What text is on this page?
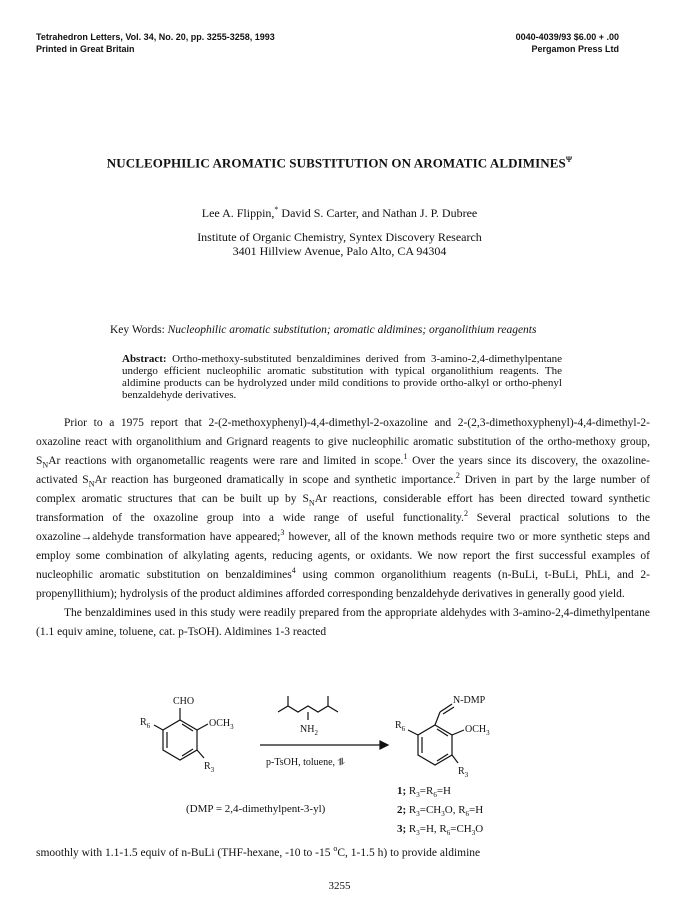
Tetrahedron Letters, Vol. 34, No. 20, pp. 3255-3258, 1993
Printed in Great Britain
0040-4039/93 $6.00 + .00
Pergamon Press Ltd
NUCLEOPHILIC AROMATIC SUBSTITUTION ON AROMATIC $ALDIMINES^\Psi$
Lee A. Flippin,* David S. Carter, and Nathan J. P. Dubree
Institute of Organic Chemistry, Syntex Discovery Research
3401 Hillview Avenue, Palo Alto, CA 94304
Key Words: Nucleophilic aromatic substitution; aromatic aldimines; organolithium reagents
Abstract: Ortho-methoxy-substituted benzaldimines derived from 3-amino-2,4-dimethylpentane undergo efficient nucleophilic aromatic substitution with typical organolithium reagents. The aldimine products can be hydrolyzed under mild conditions to provide ortho-alkyl or ortho-phenyl benzaldehyde derivatives.

Prior to a 1975 report that 2-(2-methoxyphenyl)-4,4-dimethyl-2-oxazoline and 2-(2,3-dimethoxyphenyl)-4,4-dimethyl-2-oxazoline react with organolithium and Grignard reagents to give nucleophilic aromatic substitution of the ortho-methoxy group, $S_NAr$ reactions with organometallic reagents were rare and limited in scope.$^1$ Over the years since its discovery, the oxazoline-activated $S_NAr$ reaction has burgeoned dramatically in scope and synthetic importance.$^2$ Driven in part by the large number of complex aromatic structures that can be built up by $S_NAr$ reactions, considerable effort has been directed toward synthetic transformation of the oxazoline group into a wide range of useful functionality.$^2$ Several practical solutions to the oxazoline→aldehyde transformation have appeared;$^3$ however, all of the known methods require two or more synthetic steps and employ some combination of alkylating agents, reducing agents, or oxidants. We now report the first successful examples of nucleophilic aromatic substitution on benzaldimines$^4$ using common organolithium reagents (n-BuLi, t-BuLi, PhLi, and 2-propenyllithium); hydrolysis of the product aldimines afforded corresponding benzaldehyde derivatives in generally good yield.

The benzaldimines used in this study were readily prepared from the appropriate aldehydes with 3-amino-2,4-dimethylpentane (1.1 equiv amine, toluene, cat. p-TsOH). Aldimines 1-3 reacted

CHO
$R_6$	$OCH_3$
$R_3$
$NH_2$
p-TsOH, toluene, ⥮
N-DMP
$R_6$	$OCH_3$
$R_3$
(DMP = 2,4-dimethylpent-3-yl)
1; $R_3=R_6=H$
2; $R_3=CH_3O$, $R_6=H$
3; $R_3=H$, $R_6=CH_3O$
smoothly with 1.1-1.5 equiv of n-BuLi (THF-hexane, -10 to -15 $^o$C, 1-1.5 h) to provide aldimine
3255
